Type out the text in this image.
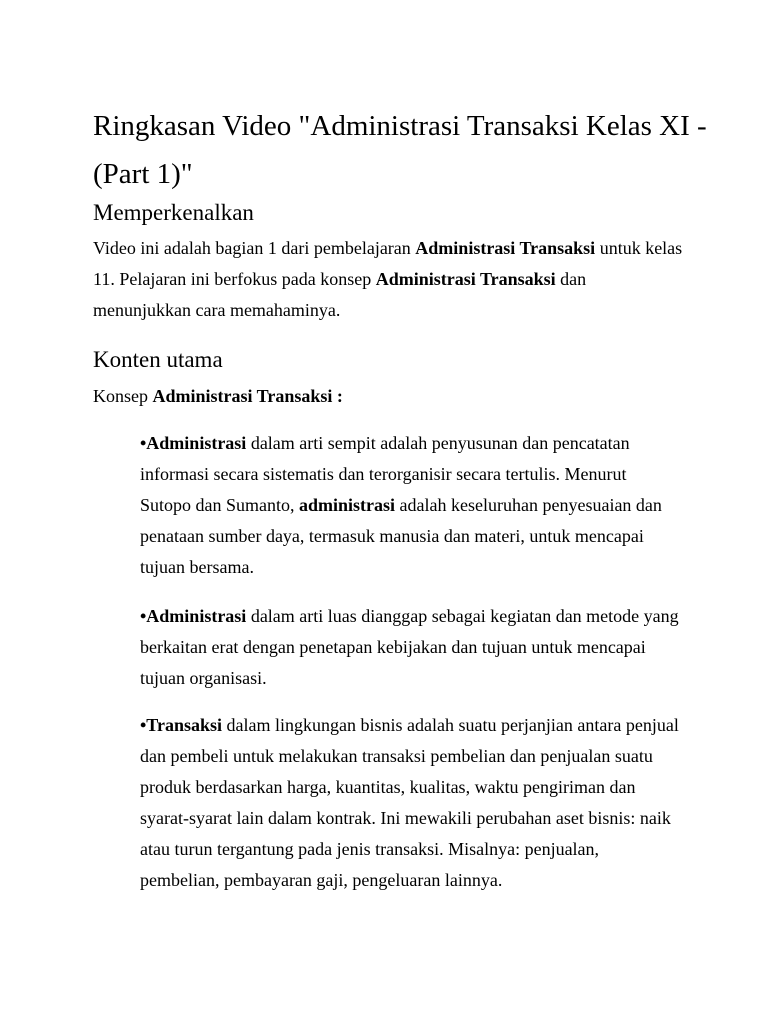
Ringkasan Video "Administrasi Transaksi Kelas XI - (Part 1)"
Memperkenalkan

Video ini adalah bagian 1 dari pembelajaran Administrasi Transaksi untuk kelas 11. Pelajaran ini berfokus pada konsep Administrasi Transaksi dan menunjukkan cara memahaminya.

Konten utama

Konsep Administrasi Transaksi :

•Administrasi dalam arti sempit adalah penyusunan dan pencatatan informasi secara sistematis dan terorganisir secara tertulis. Menurut Sutopo dan Sumanto, administrasi adalah keseluruhan penyesuaian dan penataan sumber daya, termasuk manusia dan materi, untuk mencapai tujuan bersama.

•Administrasi dalam arti luas dianggap sebagai kegiatan dan metode yang berkaitan erat dengan penetapan kebijakan dan tujuan untuk mencapai tujuan organisasi.

•Transaksi dalam lingkungan bisnis adalah suatu perjanjian antara penjual dan pembeli untuk melakukan transaksi pembelian dan penjualan suatu produk berdasarkan harga, kuantitas, kualitas, waktu pengiriman dan syarat-syarat lain dalam kontrak. Ini mewakili perubahan aset bisnis: naik atau turun tergantung pada jenis transaksi. Misalnya: penjualan, pembelian, pembayaran gaji, pengeluaran lainnya.
